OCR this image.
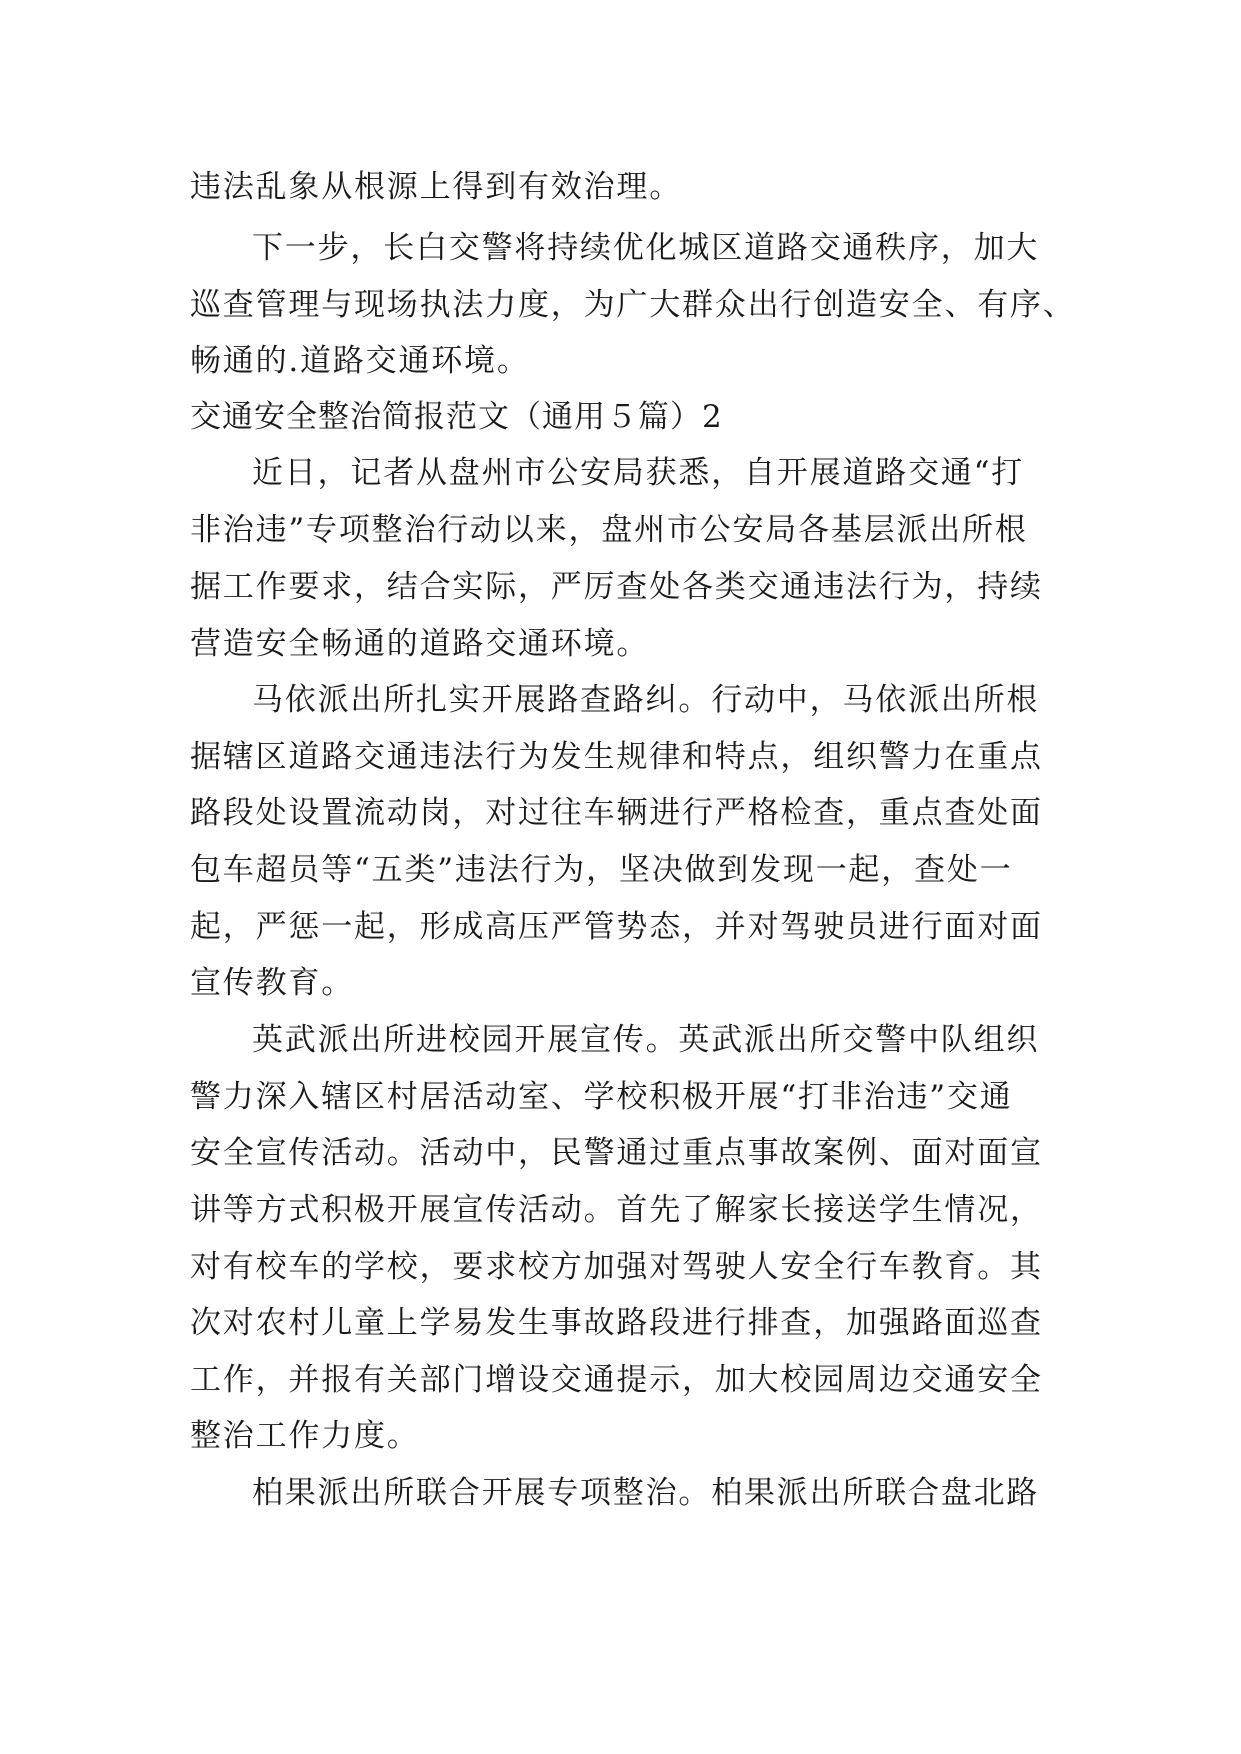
违法乱象从根源上得到有效治理。
下一步，长白交警将持续优化城区道路交通秩序，加大
巡查管理与现场执法力度，为广大群众出行创造安全、有序、
畅通的.道路交通环境。
交通安全整治简报范文（通用５篇）2
近日，记者从盘州市公安局获悉，自开展道路交通“打
非治违”专项整治行动以来，盘州市公安局各基层派出所根
据工作要求，结合实际，严厉查处各类交通违法行为，持续
营造安全畅通的道路交通环境。
马依派出所扎实开展路查路纠。行动中，马依派出所根
据辖区道路交通违法行为发生规律和特点，组织警力在重点
路段处设置流动岗，对过往车辆进行严格检查，重点查处面
包车超员等“五类”违法行为，坚决做到发现一起，查处一
起，严惩一起，形成高压严管势态，并对驾驶员进行面对面
宣传教育。
英武派出所进校园开展宣传。英武派出所交警中队组织
警力深入辖区村居活动室、学校积极开展“打非治违”交通
安全宣传活动。活动中，民警通过重点事故案例、面对面宣
讲等方式积极开展宣传活动。首先了解家长接送学生情况，
对有校车的学校，要求校方加强对驾驶人安全行车教育。其
次对农村儿童上学易发生事故路段进行排查，加强路面巡查
工作，并报有关部门增设交通提示，加大校园周边交通安全
整治工作力度。
柏果派出所联合开展专项整治。柏果派出所联合盘北路
